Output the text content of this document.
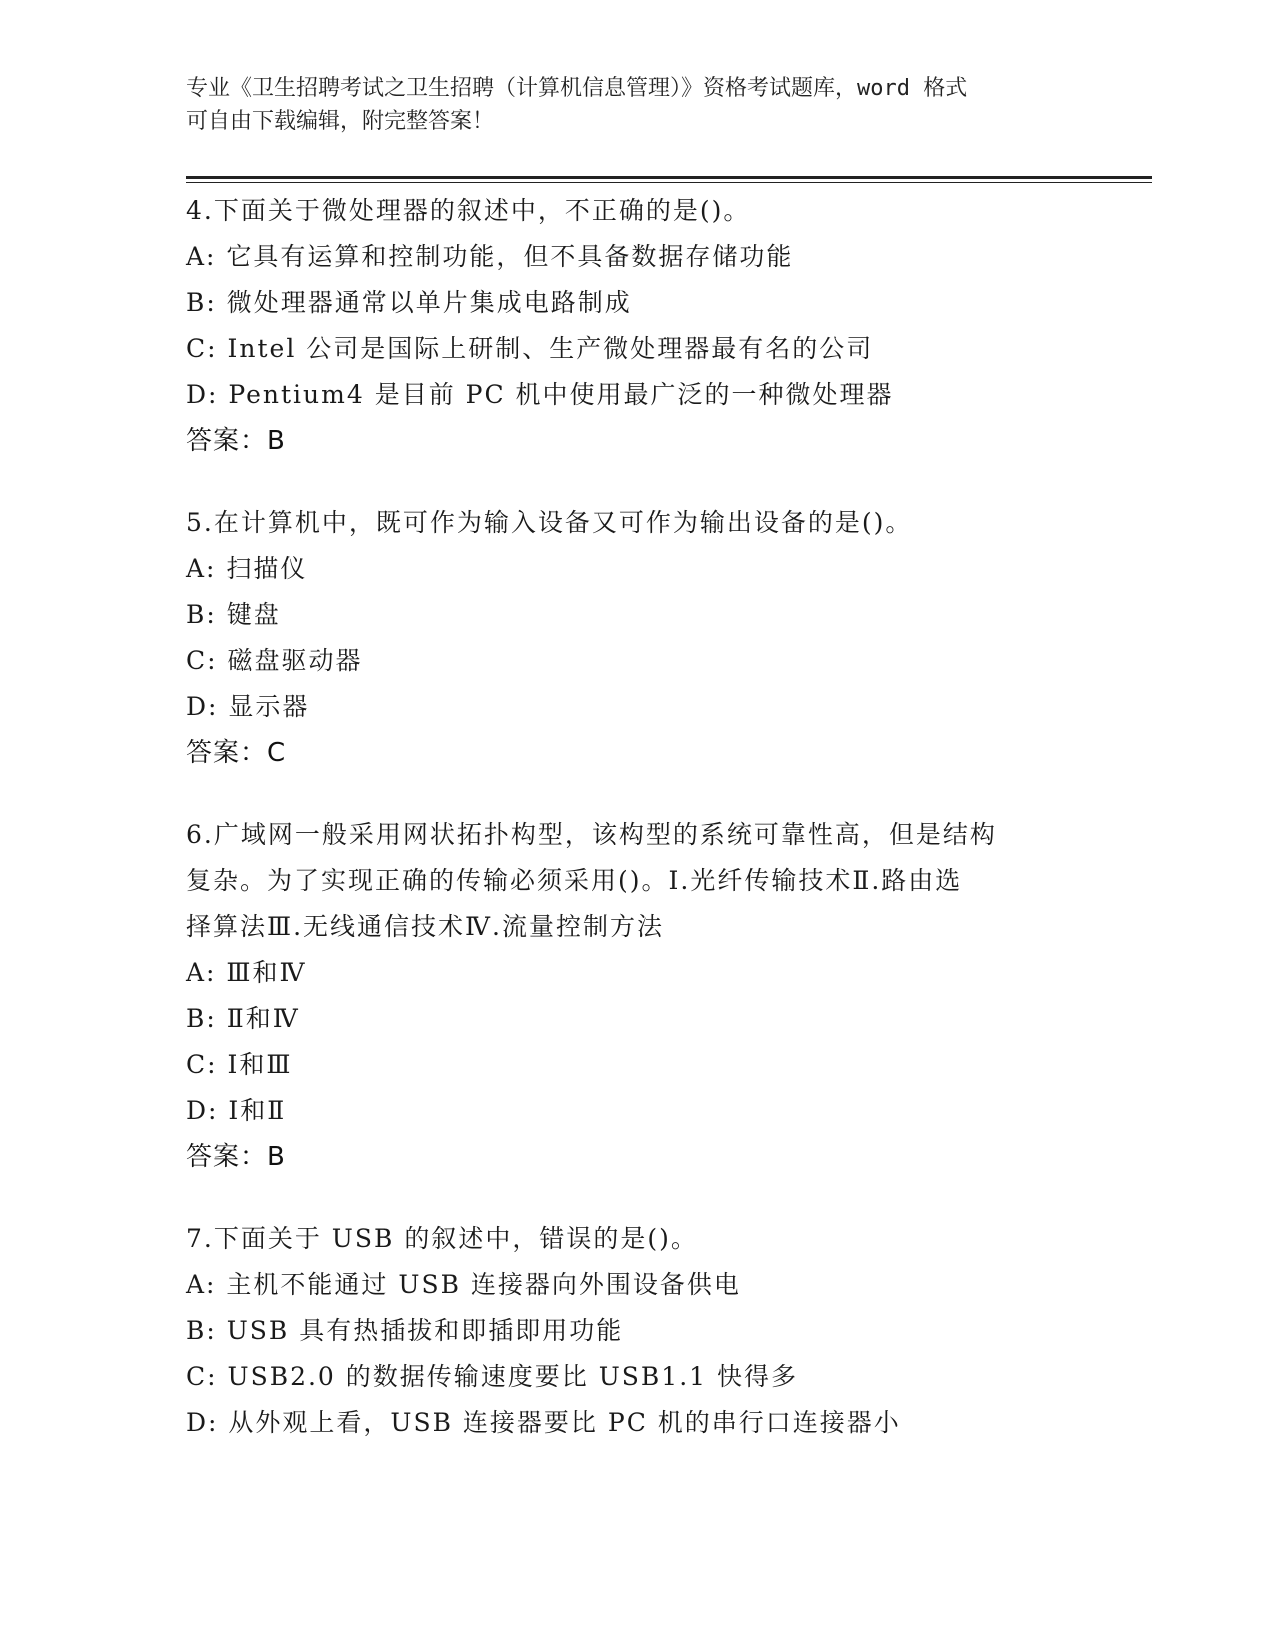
专业《卫生招聘考试之卫生招聘（计算机信息管理）》资格考试题库，word 格式
可自由下载编辑，附完整答案！
4.下面关于微处理器的叙述中，不正确的是()。
A: 它具有运算和控制功能，但不具备数据存储功能
B: 微处理器通常以单片集成电路制成
C: Intel 公司是国际上研制、生产微处理器最有名的公司
D: Pentium4 是目前 PC 机中使用最广泛的一种微处理器
答案：B
5.在计算机中，既可作为输入设备又可作为输出设备的是()。
A: 扫描仪
B: 键盘
C: 磁盘驱动器
D: 显示器
答案：C
6.广域网一般采用网状拓扑构型，该构型的系统可靠性高，但是结构
复杂。为了实现正确的传输必须采用()。Ⅰ.光纤传输技术Ⅱ.路由选
择算法Ⅲ.无线通信技术Ⅳ.流量控制方法
A: Ⅲ和Ⅳ
B: Ⅱ和Ⅳ
C: Ⅰ和Ⅲ
D: Ⅰ和Ⅱ
答案：B
7.下面关于 USB 的叙述中，错误的是()。
A: 主机不能通过 USB 连接器向外围设备供电
B: USB 具有热插拔和即插即用功能
C: USB2.0 的数据传输速度要比 USB1.1 快得多
D: 从外观上看，USB 连接器要比 PC 机的串行口连接器小
